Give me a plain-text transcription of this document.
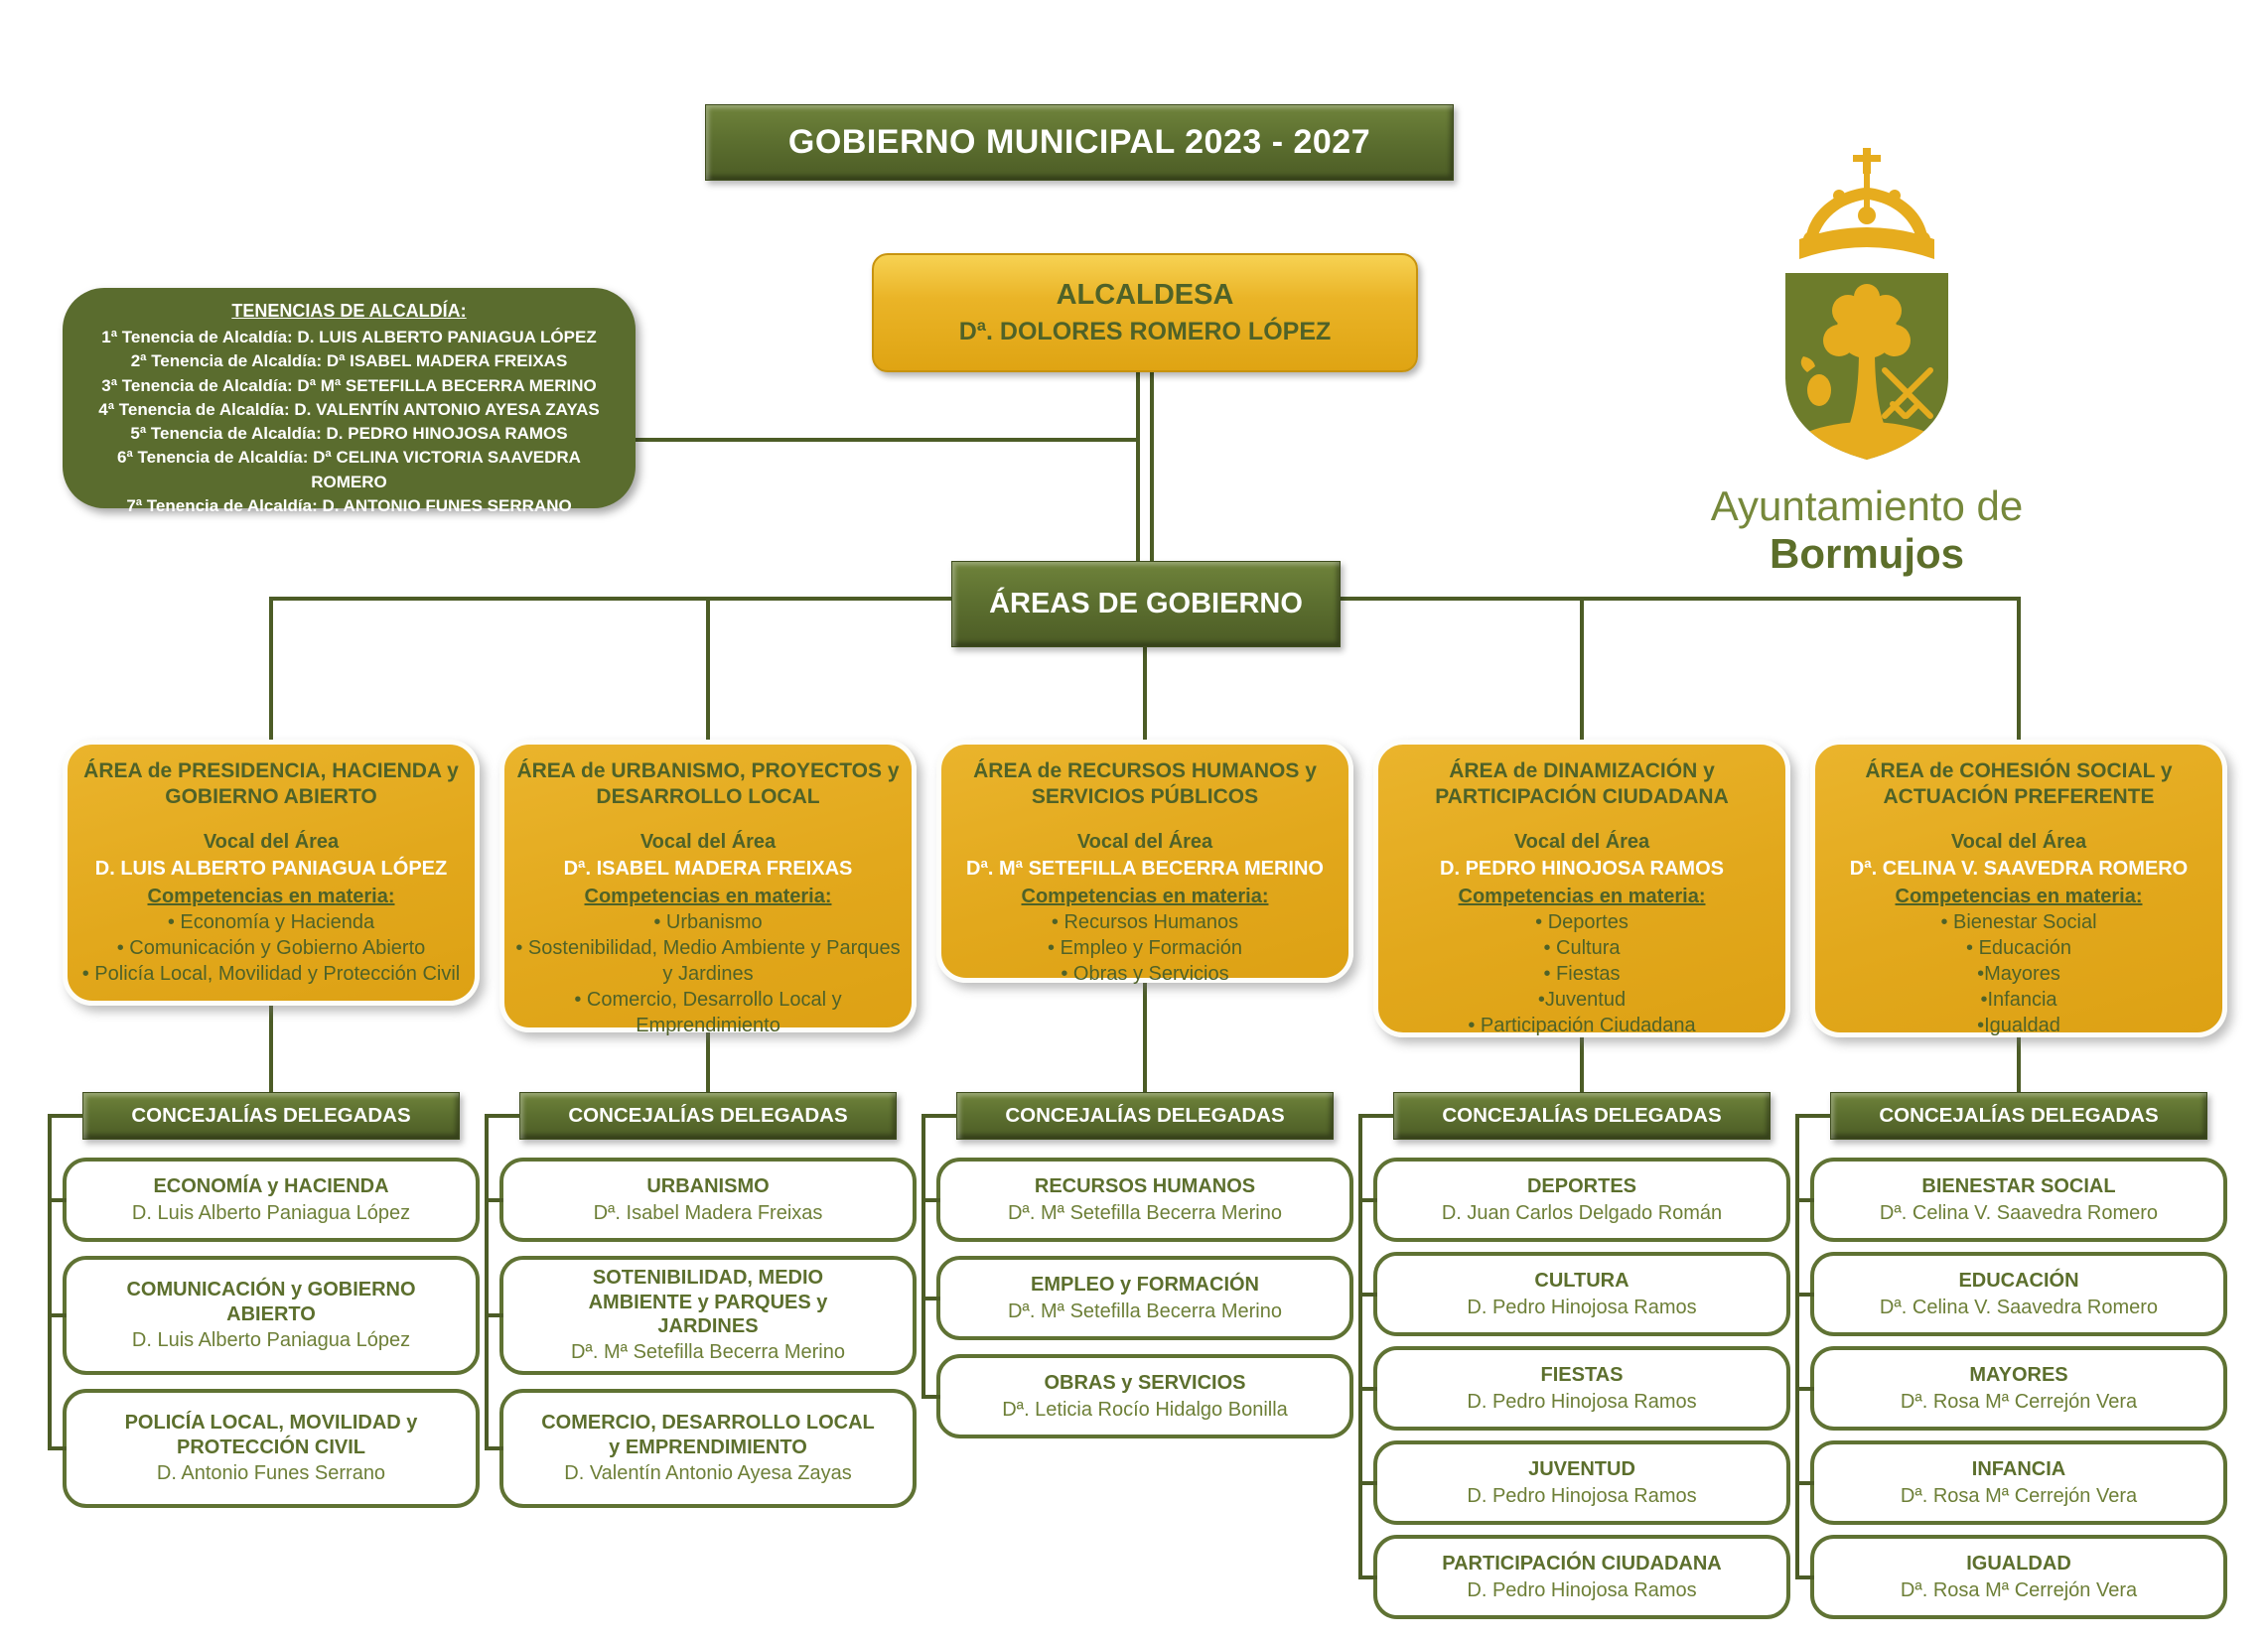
GOBIERNO MUNICIPAL 2023 - 2027
Ayuntamiento de Bormujos
TENENCIAS DE ALCALDÍA:
1ª Tenencia de Alcaldía: D. LUIS ALBERTO PANIAGUA LÓPEZ
2ª Tenencia de Alcaldía: Dª ISABEL MADERA FREIXAS
3ª Tenencia de Alcaldía: Dª Mª SETEFILLA BECERRA MERINO
4ª Tenencia de Alcaldía: D. VALENTÍN ANTONIO AYESA ZAYAS
5ª Tenencia de Alcaldía: D. PEDRO HINOJOSA RAMOS
6ª Tenencia de Alcaldía: Dª CELINA VICTORIA SAAVEDRA ROMERO
7ª Tenencia de Alcaldía: D. ANTONIO FUNES SERRANO
ALCALDESA
Dª. DOLORES ROMERO LÓPEZ
ÁREAS DE GOBIERNO
ÁREA de PRESIDENCIA, HACIENDA y GOBIERNO ABIERTO
Vocal del Área
D. LUIS ALBERTO PANIAGUA LÓPEZ
Competencias en materia:
• Economía y Hacienda
• Comunicación y Gobierno Abierto
• Policía Local, Movilidad y Protección Civil
ÁREA de URBANISMO, PROYECTOS y DESARROLLO LOCAL
Vocal del Área
Dª. ISABEL MADERA FREIXAS
Competencias en materia:
• Urbanismo
• Sostenibilidad, Medio Ambiente y Parques y Jardines
• Comercio, Desarrollo Local y Emprendimiento
ÁREA de RECURSOS HUMANOS y SERVICIOS PÚBLICOS
Vocal del Área
Dª. Mª SETEFILLA BECERRA MERINO
Competencias en materia:
• Recursos Humanos
• Empleo y Formación
• Obras y Servicios
ÁREA de DINAMIZACIÓN y PARTICIPACIÓN CIUDADANA
Vocal del Área
D. PEDRO HINOJOSA RAMOS
Competencias en materia:
• Deportes
• Cultura
• Fiestas
•Juventud
• Participación Ciudadana
ÁREA de COHESIÓN SOCIAL y ACTUACIÓN PREFERENTE
Vocal del Área
Dª. CELINA V. SAAVEDRA ROMERO
Competencias en materia:
• Bienestar Social
• Educación
•Mayores
•Infancia
•Igualdad
CONCEJALÍAS DELEGADAS
ECONOMÍA y HACIENDA
D. Luis Alberto Paniagua López
COMUNICACIÓN y GOBIERNO ABIERTO
D. Luis Alberto Paniagua López
POLICÍA LOCAL, MOVILIDAD y PROTECCIÓN CIVIL
D. Antonio Funes Serrano
CONCEJALÍAS DELEGADAS
URBANISMO
Dª. Isabel Madera Freixas
SOTENIBILIDAD, MEDIO AMBIENTE y PARQUES y JARDINES
Dª. Mª Setefilla Becerra Merino
COMERCIO, DESARROLLO LOCAL y EMPRENDIMIENTO
D. Valentín Antonio Ayesa Zayas
CONCEJALÍAS DELEGADAS
RECURSOS HUMANOS
Dª. Mª Setefilla Becerra Merino
EMPLEO y FORMACIÓN
Dª. Mª Setefilla Becerra Merino
OBRAS y SERVICIOS
Dª. Leticia Rocío Hidalgo Bonilla
CONCEJALÍAS DELEGADAS
DEPORTES
D. Juan Carlos Delgado Román
CULTURA
D. Pedro Hinojosa Ramos
FIESTAS
D. Pedro Hinojosa Ramos
JUVENTUD
D. Pedro Hinojosa Ramos
PARTICIPACIÓN CIUDADANA
D. Pedro Hinojosa Ramos
CONCEJALÍAS DELEGADAS
BIENESTAR SOCIAL
Dª. Celina V. Saavedra Romero
EDUCACIÓN
Dª. Celina V. Saavedra Romero
MAYORES
Dª. Rosa Mª Cerrejón Vera
INFANCIA
Dª. Rosa Mª Cerrejón Vera
IGUALDAD
Dª. Rosa Mª Cerrejón Vera
